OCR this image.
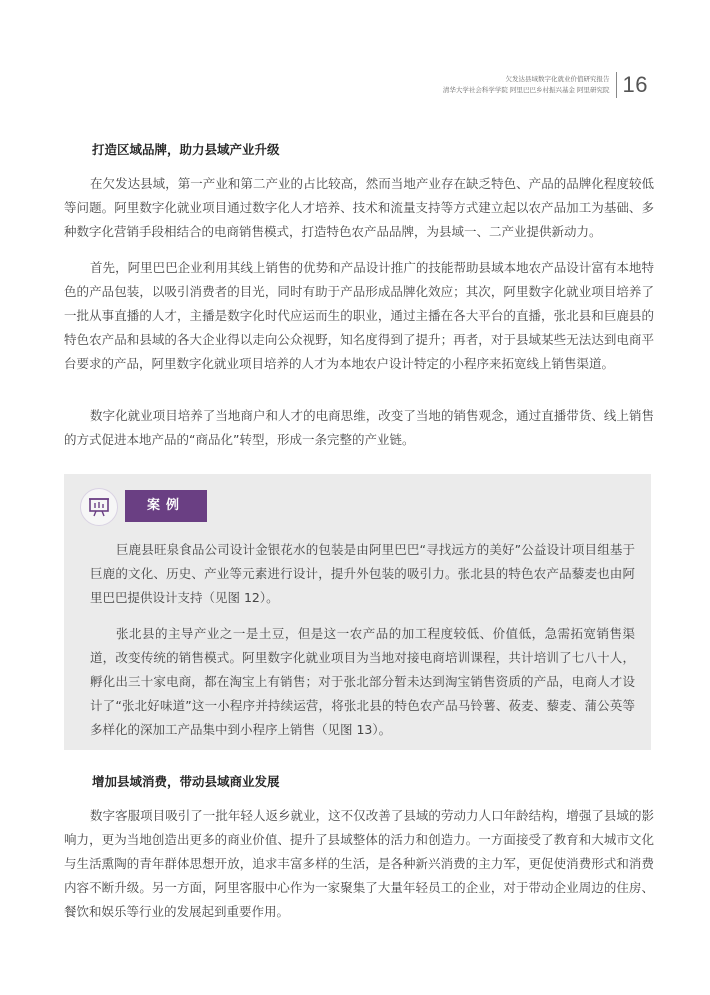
欠发达县域数字化就业价值研究报告
清华大学社会科学学院 阿里巴巴乡村振兴基金 阿里研究院 16
打造区域品牌，助力县域产业升级

在欠发达县域，第一产业和第二产业的占比较高，然而当地产业存在缺乏特色、产品的品牌化程度较低等问题。阿里数字化就业项目通过数字化人才培养、技术和流量支持等方式建立起以农产品加工为基础、多种数字化营销手段相结合的电商销售模式，打造特色农产品品牌，为县域一、二产业提供新动力。

首先，阿里巴巴企业利用其线上销售的优势和产品设计推广的技能帮助县域本地农产品设计富有本地特色的产品包装，以吸引消费者的目光，同时有助于产品形成品牌化效应；其次，阿里数字化就业项目培养了一批从事直播的人才，主播是数字化时代应运而生的职业，通过主播在各大平台的直播，张北县和巨鹿县的特色农产品和县域的各大企业得以走向公众视野，知名度得到了提升；再者，对于县域某些无法达到电商平台要求的产品，阿里数字化就业项目培养的人才为本地农户设计特定的小程序来拓宽线上销售渠道。

数字化就业项目培养了当地商户和人才的电商思维，改变了当地的销售观念，通过直播带货、线上销售的方式促进本地产品的“商品化”转型，形成一条完整的产业链。

案例

巨鹿县旺泉食品公司设计金银花水的包装是由阿里巴巴“寻找远方的美好”公益设计项目组基于巨鹿的文化、历史、产业等元素进行设计，提升外包装的吸引力。张北县的特色农产品藜麦也由阿里巴巴提供设计支持（见图 12）。

张北县的主导产业之一是土豆，但是这一农产品的加工程度较低、价值低，急需拓宽销售渠道，改变传统的销售模式。阿里数字化就业项目为当地对接电商培训课程，共计培训了七八十人，孵化出三十家电商，都在淘宝上有销售；对于张北部分暂未达到淘宝销售资质的产品，电商人才设计了“张北好味道”这一小程序并持续运营，将张北县的特色农产品马铃薯、莜麦、藜麦、蒲公英等多样化的深加工产品集中到小程序上销售（见图 13）。

增加县域消费，带动县域商业发展

数字客服项目吸引了一批年轻人返乡就业，这不仅改善了县域的劳动力人口年龄结构，增强了县域的影响力，更为当地创造出更多的商业价值、提升了县域整体的活力和创造力。一方面接受了教育和大城市文化与生活熏陶的青年群体思想开放，追求丰富多样的生活，是各种新兴消费的主力军，更促使消费形式和消费内容不断升级。另一方面，阿里客服中心作为一家聚集了大量年轻员工的企业，对于带动企业周边的住房、餐饮和娱乐等行业的发展起到重要作用。
